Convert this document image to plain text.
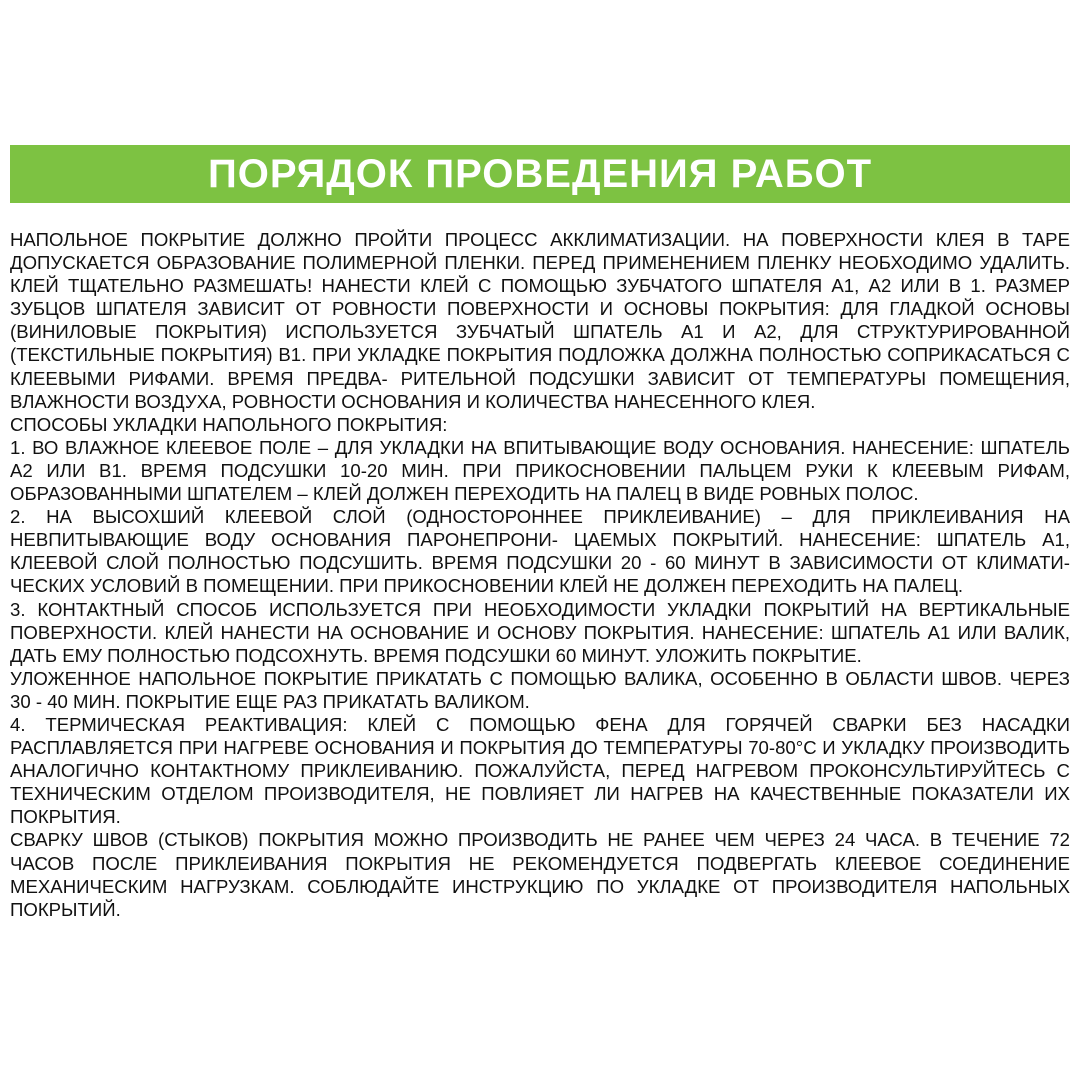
ПОРЯДОК ПРОВЕДЕНИЯ РАБОТ

НАПОЛЬНОЕ ПОКРЫТИЕ ДОЛЖНО ПРОЙТИ ПРОЦЕСС АККЛИМАТИЗАЦИИ. НА ПОВЕРХНОСТИ КЛЕЯ В ТАРЕ ДОПУСКАЕТСЯ ОБРАЗОВАНИЕ ПОЛИМЕРНОЙ ПЛЕНКИ. ПЕРЕД ПРИМЕНЕНИЕМ ПЛЕНКУ НЕОБХОДИМО УДАЛИТЬ. КЛЕЙ ТЩАТЕЛЬНО РАЗМЕШАТЬ! НАНЕСТИ КЛЕЙ С ПОМОЩЬЮ ЗУБЧАТОГО ШПАТЕЛЯ А1, А2 ИЛИ В 1. РАЗМЕР ЗУБЦОВ ШПАТЕЛЯ ЗАВИСИТ ОТ РОВНОСТИ ПОВЕРХНОСТИ И ОСНОВЫ ПОКРЫТИЯ: ДЛЯ ГЛАДКОЙ ОСНОВЫ (ВИНИЛОВЫЕ ПОКРЫТИЯ) ИСПОЛЬЗУЕТСЯ ЗУБЧАТЫЙ ШПАТЕЛЬ А1 И А2, ДЛЯ СТРУКТУРИРОВАННОЙ (ТЕКСТИЛЬНЫЕ ПОКРЫТИЯ) В1. ПРИ УКЛАДКЕ ПОКРЫТИЯ ПОДЛОЖКА ДОЛЖНА ПОЛНОСТЬЮ СОПРИКАСАТЬСЯ С КЛЕЕВЫМИ РИФАМИ. ВРЕМЯ ПРЕДВА- РИТЕЛЬНОЙ ПОДСУШКИ ЗАВИСИТ ОТ ТЕМПЕРАТУРЫ ПОМЕЩЕНИЯ, ВЛАЖНОСТИ ВОЗДУХА, РОВНОСТИ ОСНОВАНИЯ И КОЛИЧЕСТВА НАНЕСЕННОГО КЛЕЯ.

СПОСОБЫ УКЛАДКИ НАПОЛЬНОГО ПОКРЫТИЯ:

1. ВО ВЛАЖНОЕ КЛЕЕВОЕ ПОЛЕ – ДЛЯ УКЛАДКИ НА ВПИТЫВАЮЩИЕ ВОДУ ОСНОВАНИЯ. НАНЕСЕНИЕ: ШПАТЕЛЬ А2 ИЛИ В1. ВРЕМЯ ПОДСУШКИ 10-20 МИН. ПРИ ПРИКОСНОВЕНИИ ПАЛЬЦЕМ РУКИ К КЛЕЕВЫМ РИФАМ, ОБРАЗОВАННЫМИ ШПАТЕЛЕМ – КЛЕЙ ДОЛЖЕН ПЕРЕХОДИТЬ НА ПАЛЕЦ В ВИДЕ РОВНЫХ ПОЛОС.

2. НА ВЫСОХШИЙ КЛЕЕВОЙ СЛОЙ (ОДНОСТОРОННЕЕ ПРИКЛЕИВАНИЕ) – ДЛЯ ПРИКЛЕИВАНИЯ НА НЕВПИТЫВАЮЩИЕ ВОДУ ОСНОВАНИЯ ПАРОНЕПРОНИ- ЦАЕМЫХ ПОКРЫТИЙ. НАНЕСЕНИЕ: ШПАТЕЛЬ А1, КЛЕЕВОЙ СЛОЙ ПОЛНОСТЬЮ ПОДСУШИТЬ. ВРЕМЯ ПОДСУШКИ 20 - 60 МИНУТ В ЗАВИСИМОСТИ ОТ КЛИМАТИ- ЧЕСКИХ УСЛОВИЙ В ПОМЕЩЕНИИ. ПРИ ПРИКОСНОВЕНИИ КЛЕЙ НЕ ДОЛЖЕН ПЕРЕХОДИТЬ НА ПАЛЕЦ.

3. КОНТАКТНЫЙ СПОСОБ ИСПОЛЬЗУЕТСЯ ПРИ НЕОБХОДИМОСТИ УКЛАДКИ ПОКРЫТИЙ НА ВЕРТИКАЛЬНЫЕ ПОВЕРХНОСТИ. КЛЕЙ НАНЕСТИ НА ОСНОВАНИЕ И ОСНОВУ ПОКРЫТИЯ. НАНЕСЕНИЕ: ШПАТЕЛЬ А1 ИЛИ ВАЛИК, ДАТЬ ЕМУ ПОЛНОСТЬЮ ПОДСОХНУТЬ. ВРЕМЯ ПОДСУШКИ 60 МИНУТ. УЛОЖИТЬ ПОКРЫТИЕ.

УЛОЖЕННОЕ НАПОЛЬНОЕ ПОКРЫТИЕ ПРИКАТАТЬ С ПОМОЩЬЮ ВАЛИКА, ОСОБЕННО В ОБЛАСТИ ШВОВ. ЧЕРЕЗ 30 - 40 МИН. ПОКРЫТИЕ ЕЩЕ РАЗ ПРИКАТАТЬ ВАЛИКОМ.

4. ТЕРМИЧЕСКАЯ РЕАКТИВАЦИЯ: КЛЕЙ С ПОМОЩЬЮ ФЕНА ДЛЯ ГОРЯЧЕЙ СВАРКИ БЕЗ НАСАДКИ РАСПЛАВЛЯЕТСЯ ПРИ НАГРЕВЕ ОСНОВАНИЯ И ПОКРЫТИЯ ДО ТЕМПЕРАТУРЫ 70-80°С И УКЛАДКУ ПРОИЗВОДИТЬ АНАЛОГИЧНО КОНТАКТНОМУ ПРИКЛЕИВАНИЮ. ПОЖАЛУЙСТА, ПЕРЕД НАГРЕВОМ ПРОКОНСУЛЬТИРУЙТЕСЬ С ТЕХНИЧЕСКИМ ОТДЕЛОМ ПРОИЗВОДИТЕЛЯ, НЕ ПОВЛИЯЕТ ЛИ НАГРЕВ НА КАЧЕСТВЕННЫЕ ПОКАЗАТЕЛИ ИХ ПОКРЫТИЯ.

СВАРКУ ШВОВ (СТЫКОВ) ПОКРЫТИЯ МОЖНО ПРОИЗВОДИТЬ НЕ РАНЕЕ ЧЕМ ЧЕРЕЗ 24 ЧАСА. В ТЕЧЕНИЕ 72 ЧАСОВ ПОСЛЕ ПРИКЛЕИВАНИЯ ПОКРЫТИЯ НЕ РЕКОМЕНДУЕТСЯ ПОДВЕРГАТЬ КЛЕЕВОЕ СОЕДИНЕНИЕ МЕХАНИЧЕСКИМ НАГРУЗКАМ. СОБЛЮДАЙТЕ ИНСТРУКЦИЮ ПО УКЛАДКЕ ОТ ПРОИЗВОДИТЕЛЯ НАПОЛЬНЫХ ПОКРЫТИЙ.
